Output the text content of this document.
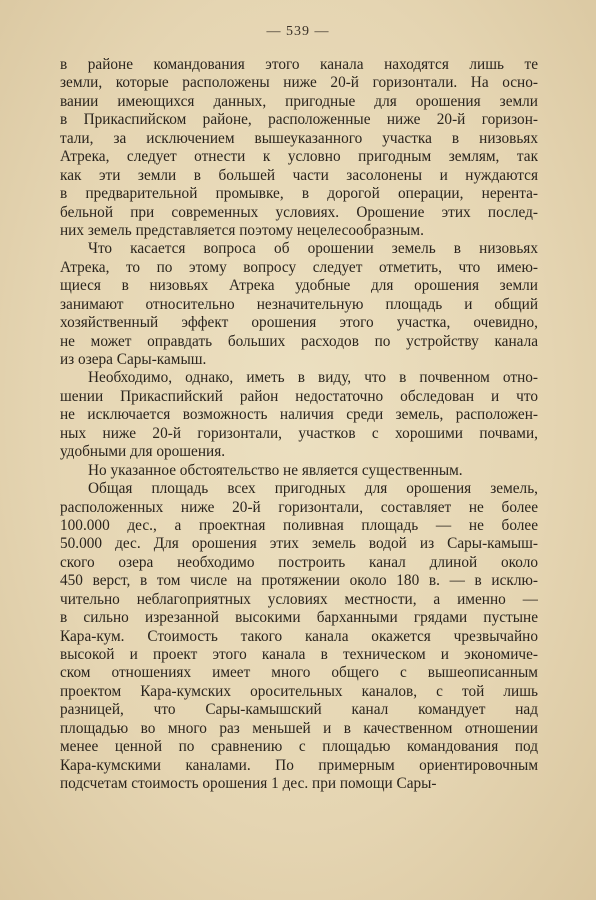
— 539 —
в районе командования этого канала находятся лишь те
земли, которые расположены ниже 20-й горизонтали. На осно-
вании имеющихся данных, пригодные для орошения земли
в Прикаспийском районе, расположенные ниже 20-й горизон-
тали, за исключением вышеуказанного участка в низовьях
Атрека, следует отнести к условно пригодным землям, так
как эти земли в большей части засолонены и нуждаются
в предварительной промывке, в дорогой операции, нерента-
бельной при современных условиях. Орошение этих послед-
них земель представляется поэтому нецелесообразным.
Что касается вопроса об орошении земель в низовьях
Атрека, то по этому вопросу следует отметить, что имею-
щиеся в низовьях Атрека удобные для орошения земли
занимают относительно незначительную площадь и общий
хозяйственный эффект орошения этого участка, очевидно,
не может оправдать больших расходов по устройству канала
из озера Сары-камыш.
Необходимо, однако, иметь в виду, что в почвенном отно-
шении Прикаспийский район недостаточно обследован и что
не исключается возможность наличия среди земель, расположен-
ных ниже 20-й горизонтали, участков с хорошими почвами,
удобными для орошения.
Но указанное обстоятельство не является существенным.
Общая площадь всех пригодных для орошения земель,
расположенных ниже 20-й горизонтали, составляет не более
100.000 дес., а проектная поливная площадь — не более
50.000 дес. Для орошения этих земель водой из Сары-камыш-
ского озера необходимо построить канал длиной около
450 верст, в том числе на протяжении около 180 в. — в исклю-
чительно неблагоприятных условиях местности, а именно —
в сильно изрезанной высокими барханными грядами пустыне
Кара-кум. Стоимость такого канала окажется чрезвычайно
высокой и проект этого канала в техническом и экономиче-
ском отношениях имеет много общего с вышеописанным
проектом Кара-кумских оросительных каналов, с той лишь
разницей, что Сары-камышский канал командует над
площадью во много раз меньшей и в качественном отношении
менее ценной по сравнению с площадью командования под
Кара-кумскими каналами. По примерным ориентировочным
подсчетам стоимость орошения 1 дес. при помощи Сары-
